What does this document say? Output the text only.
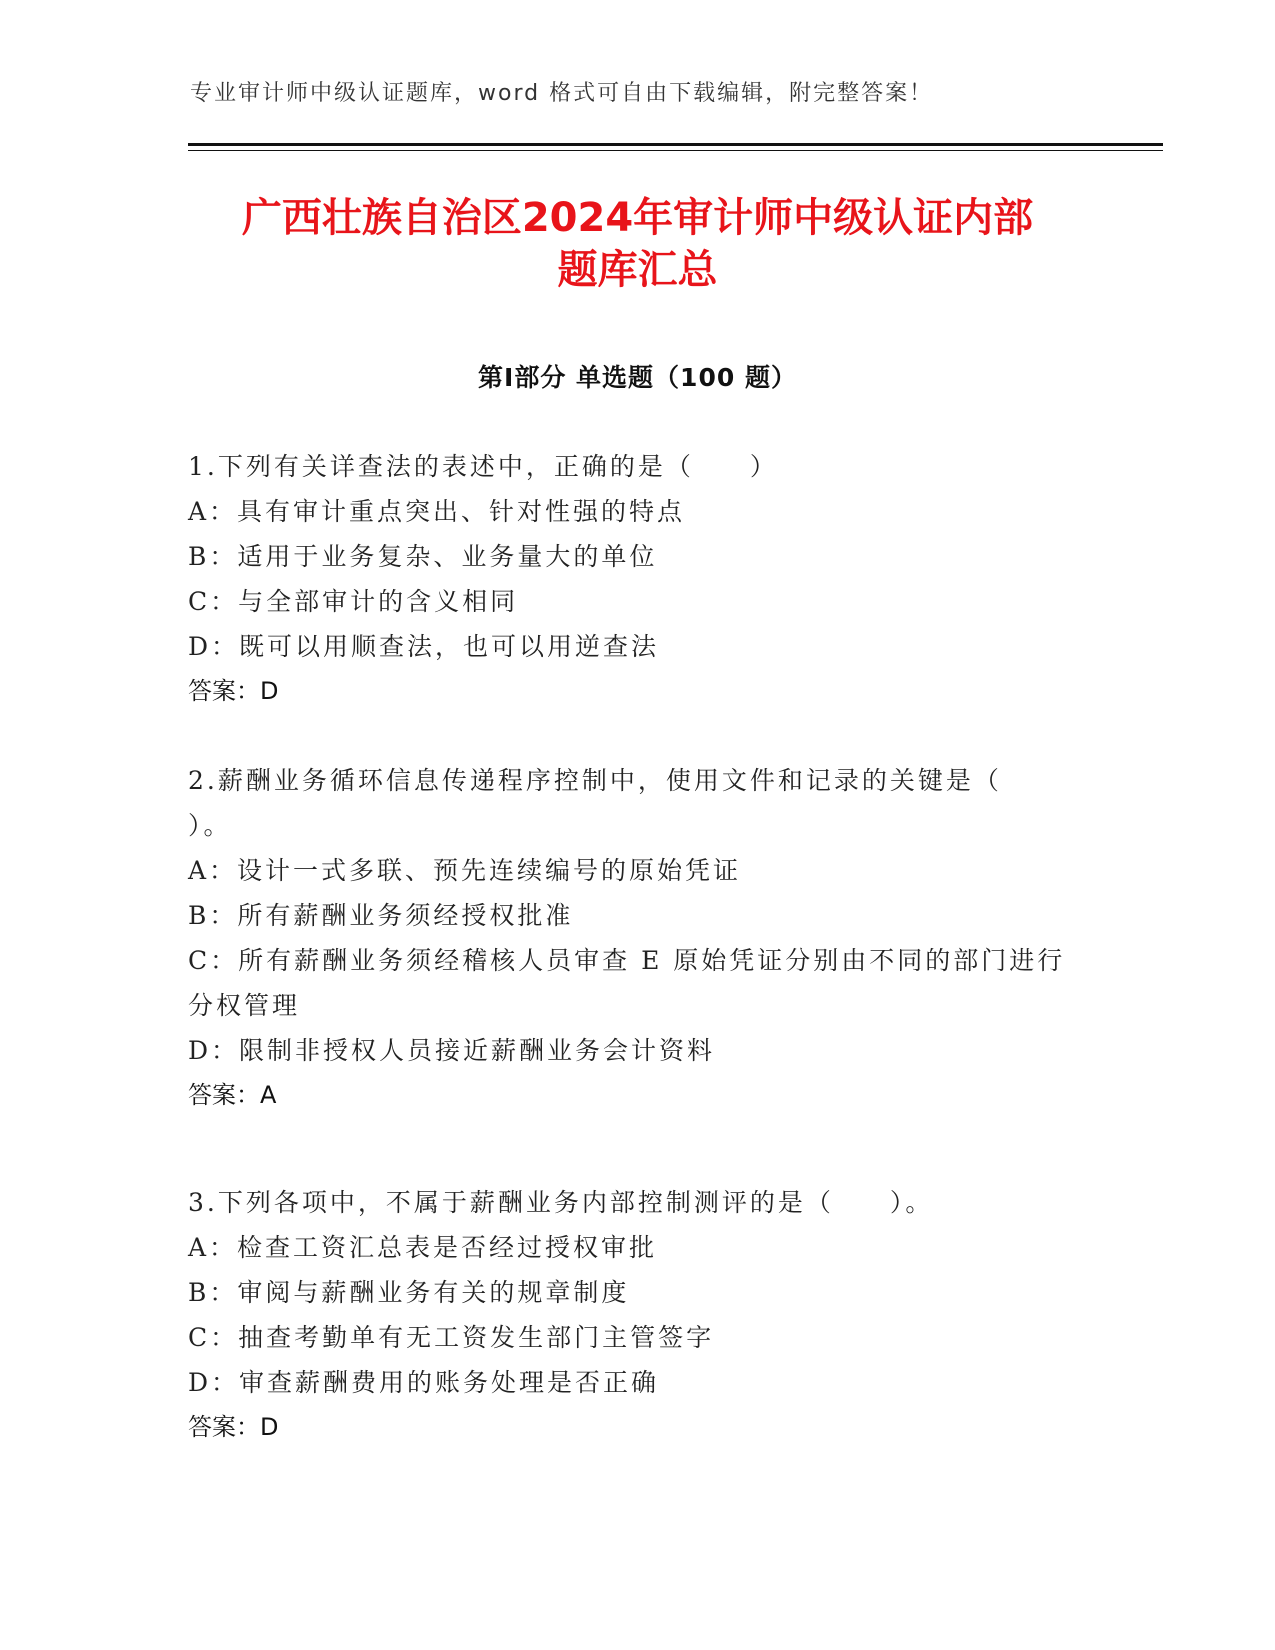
专业审计师中级认证题库，word 格式可自由下载编辑，附完整答案！
广西壮族自治区2024年审计师中级认证内部
题库汇总
第Ⅰ部分 单选题（100 题）
1.下列有关详查法的表述中，正确的是（　　）
A：具有审计重点突出、针对性强的特点
B：适用于业务复杂、业务量大的单位
C：与全部审计的含义相同
D：既可以用顺查法，也可以用逆查法
答案：D
2.薪酬业务循环信息传递程序控制中，使用文件和记录的关键是（
）。
A：设计一式多联、预先连续编号的原始凭证
B：所有薪酬业务须经授权批准
C：所有薪酬业务须经稽核人员审查 E 原始凭证分别由不同的部门进行
分权管理
D：限制非授权人员接近薪酬业务会计资料
答案：A
3.下列各项中，不属于薪酬业务内部控制测评的是（　　）。
A：检查工资汇总表是否经过授权审批
B：审阅与薪酬业务有关的规章制度
C：抽查考勤单有无工资发生部门主管签字
D：审查薪酬费用的账务处理是否正确
答案：D
